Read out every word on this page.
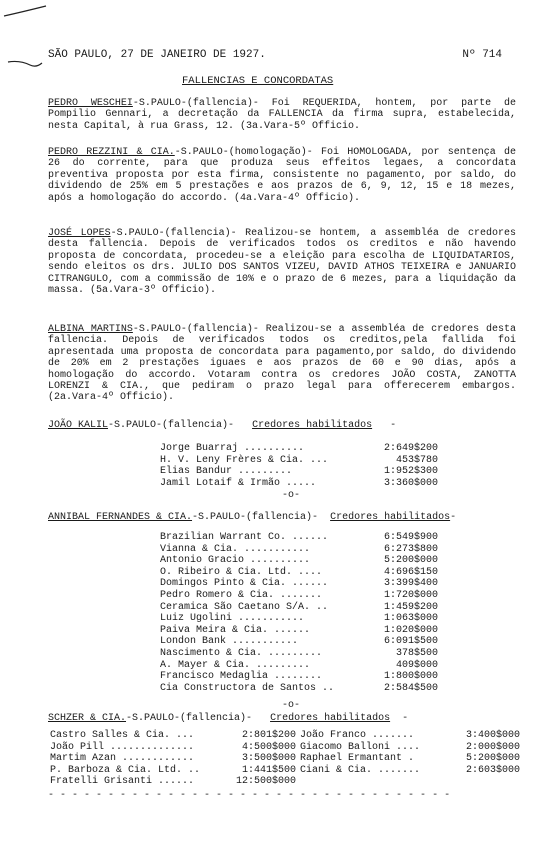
SÃO PAULO, 27 DE JANEIRO DE 1927.	Nº 714
FALLENCIAS E CONCORDATAS

PEDRO WESCHEI-S.PAULO-(fallencia)- Foi REQUERIDA, hontem, por parte de Pompilio Gennari, a decretação da FALLENCIA da firma supra, estabelecida, nesta Capital, à rua Grass, 12. (3a.Vara-5º Officio.

PEDRO REZZINI & CIA.-S.PAULO-(homologação)- Foi HOMOLOGADA, por sentença de 26 do corrente, para que produza seus effeitos legaes, a concordata preventiva proposta por esta firma, consistente no pagamento, por saldo, do dividendo de 25% em 5 prestações e aos prazos de 6, 9, 12, 15 e 18 mezes, após a homologação do accordo. (4a.Vara-4º Officio).

JOSÉ LOPES-S.PAULO-(fallencia)- Realizou-se hontem, a assembléa de credores desta fallencia. Depois de verificados todos os creditos e não havendo proposta de concordata, procedeu-se a eleição para escolha de LIQUIDATARIOS, sendo eleitos os drs. JULIO DOS SANTOS VIZEU, DAVID ATHOS TEIXEIRA e JANUARIO CITRANGULO, com a commissão de 10% e o prazo de 6 mezes, para a liquidação da massa. (5a.Vara-3º Officio).

ALBINA MARTINS-S.PAULO-(fallencia)- Realizou-se a assembléa de credores desta fallencia. Depois de verificados todos os creditos,pela fallida foi apresentada uma proposta de concordata para pagamento,por saldo, do dividendo de 20% em 2 prestações iguaes e aos prazos de 60 e 90 dias, após a homologação do accordo. Votaram contra os credores JOÃO COSTA, ZANOTTA LORENZI & CIA., que pediram o prazo legal para offerecerem embargos. (2a.Vara-4º Officio).

JOÃO KALIL-S.PAULO-(fallencia)- Credores habilitados   -
Jorge Buarraj ..........	2:649$200
H. V. Leny Frères & Cia. ...	453$780
Elias Bandur .........	1:952$300
Jamil Lotaif & Irmão .....	3:360$000
-o-
ANNIBAL FERNANDES & CIA.-S.PAULO-(fallencia)- Credores habilitados-
Brazilian Warrant Co. ......	6:549$900
Vianna & Cia. ...........	6:273$800
Antonio Gracio ..........	5:200$000
O. Ribeiro & Cia. Ltd. ....	4:696$150
Domingos Pinto & Cia. ......	3:399$400
Pedro Romero & Cia. .......	1:720$000
Ceramica São Caetano S/A. ..	1:459$200
Luiz Ugolini ...........	1:063$000
Paiva Meira & Cia. ......	1:020$000
London Bank ...........	6:091$500
Nascimento & Cia. .........	378$500
A. Mayer & Cia. .........	409$000
Francisco Medaglia ........	1:800$000
Cia Constructora de Santos ..	2:584$500
-o-
SCHZER & CIA.-S.PAULO-(fallencia)- Credores habilitados  -
Castro Salles & Cia. ...	2:801$200 João Franco .......	3:400$000
João Pill ..............	4:500$000 Giacomo Balloni ....	2:000$000
Martim Azan ............	3:500$000 Raphael Ermantant .	5:200$000
P. Barboza & Cia. Ltd. ..	1:441$500 Ciani & Cia. .......	2:603$000
Fratelli Grisanti ......	12:500$000
- - - - - - - - - - - - - - - - - - - - - - - - - - - - - - - - - -
